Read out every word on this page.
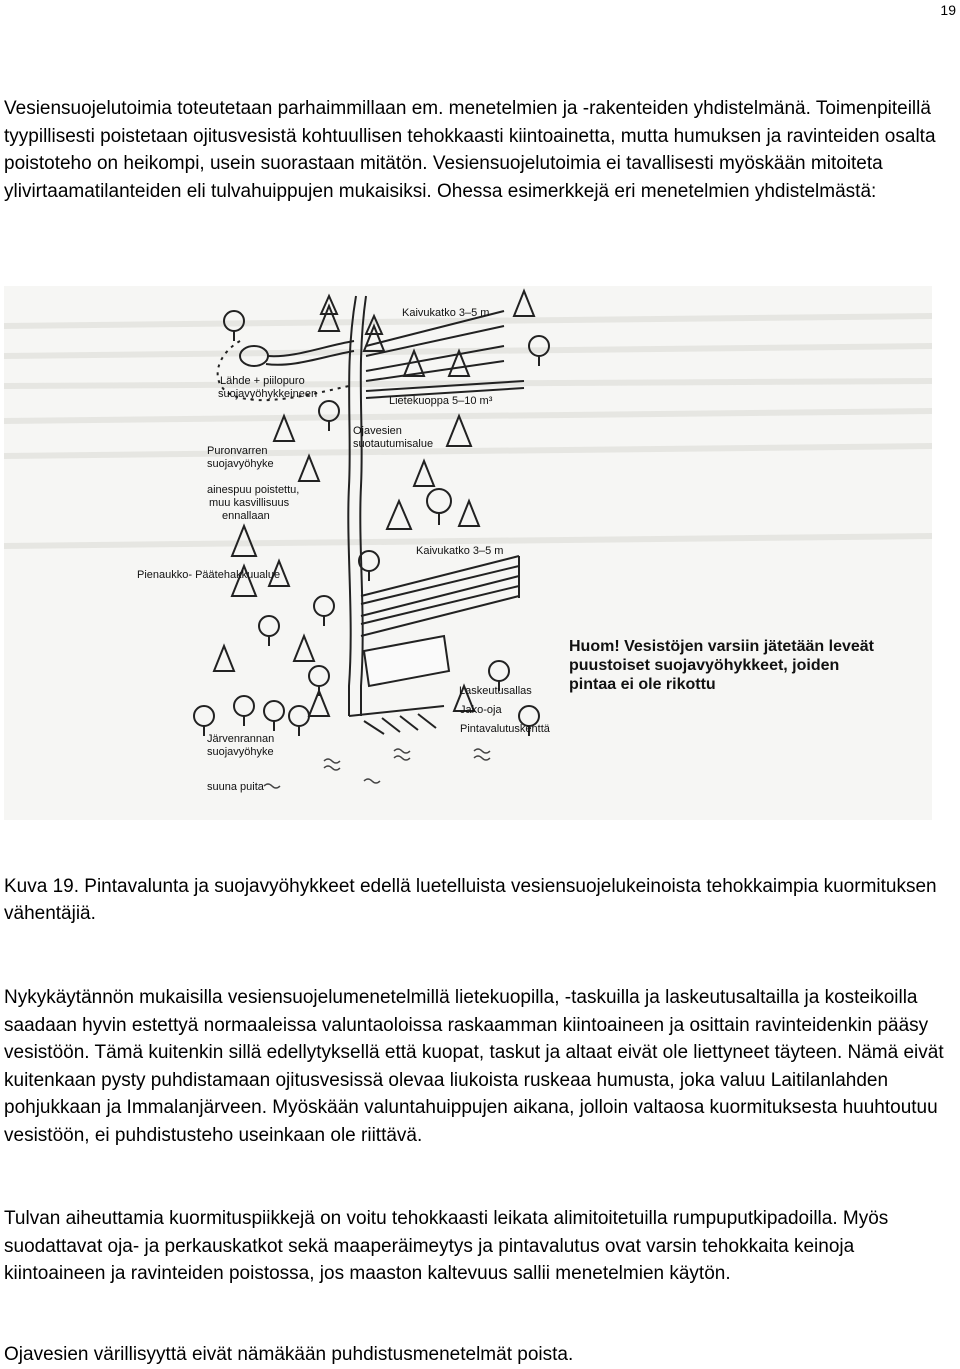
19

Vesiensuojelutoimia toteutetaan parhaimmillaan em. menetelmien ja -rakenteiden yhdistelmänä. Toimenpiteillä tyypillisesti poistetaan ojitusvesistä kohtuullisen tehokkaasti kiintoainetta, mutta humuksen ja ravinteiden osalta poistoteho on heikompi, usein suorastaan mitätön. Vesiensuojelutoimia ei tavallisesti myöskään mitoiteta ylivirtaamatilanteiden eli tulvahuippujen mukaisiksi. Ohessa esimerkkejä eri menetelmien yhdistelmästä:

Kaivukatko 3–5 m
Lähde + piilopuro
suojavyöhykkeineen
Lietekuoppa 5–10 m³
Ojavesien
suotautumisalue
Puronvarren
suojavyöhyke
ainespuu poistettu,
muu kasvillisuus
ennallaan
Kaivukatko 3–5 m
Pienaukko- Päätehakkuualue
Laskeutusallas
Jako-oja
Pintavalutuskenttä
Järvenrannan
suojavyöhyke
suuna puita
Huom! Vesistöjen varsiin jätetään leveät
puustoiset suojavyöhykkeet, joiden
pintaa ei ole rikottu

Kuva 19. Pintavalunta ja suojavyöhykkeet edellä luetelluista vesiensuojelukeinoista tehokkaimpia kuormituksen vähentäjiä.

Nykykäytännön mukaisilla vesiensuojelumenetelmillä lietekuopilla, -taskuilla ja laskeutusaltailla ja kosteikoilla saadaan hyvin estettyä normaaleissa valuntaoloissa raskaamman kiintoaineen ja osittain ravinteidenkin pääsy vesistöön. Tämä kuitenkin sillä edellytyksellä että kuopat, taskut ja altaat eivät ole liettyneet täyteen. Nämä eivät kuitenkaan pysty puhdistamaan ojitusvesissä olevaa liukoista ruskeaa humusta, joka valuu Laitilanlahden pohjukkaan ja Immalanjärveen. Myöskään valuntahuippujen aikana, jolloin valtaosa kuormituksesta huuhtoutuu vesistöön, ei puhdistusteho useinkaan ole riittävä.

Tulvan aiheuttamia kuormituspiikkejä on voitu tehokkaasti leikata alimitoitetuilla rumpuputkipadoilla. Myös suodattavat oja- ja perkauskatkot sekä maaperäimeytys ja pintavalutus ovat varsin tehokkaita keinoja kiintoaineen ja ravinteiden poistossa, jos maaston kaltevuus sallii menetelmien käytön.

Ojavesien värillisyyttä eivät nämäkään puhdistusmenetelmät poista.
